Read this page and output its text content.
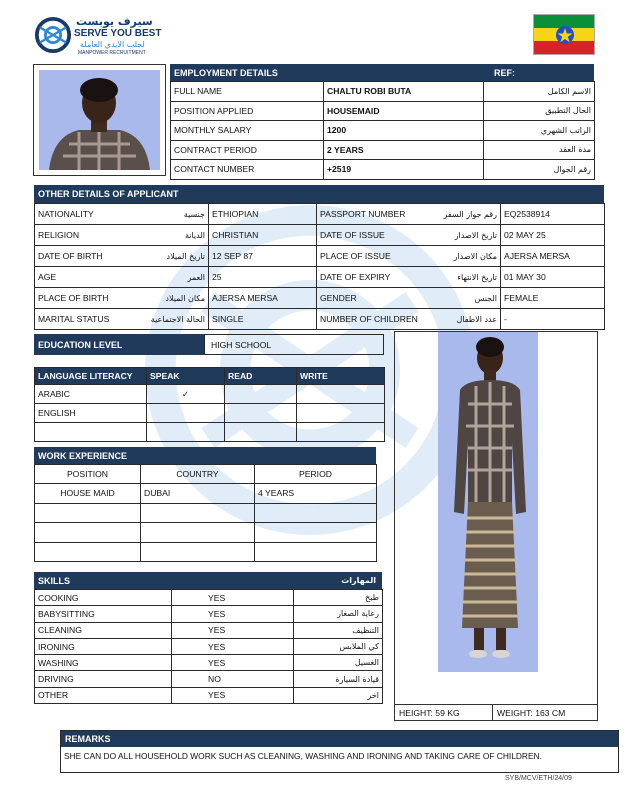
سيرف يوبست
SERVE YOU BEST
لجلب الايدي العاملة
MANPOWER RECRUITMENT
EMPLOYMENT DETAILS	REF:
FULL NAME	CHALTU ROBI BUTA	الاسم الكامل
POSITION APPLIED	HOUSEMAID	الحال التطبيق
MONTHLY SALARY	1200	الراتب الشهري
CONTRACT PERIOD	2 YEARS	مدة العقد
CONTACT NUMBER	+2519	رقم الجوال
OTHER DETAILS OF APPLICANT
NATIONALITY	جنسية	ETHIOPIAN	PASSPORT NUMBER	رقم جواز السفر	EQ2538914
RELIGION	الديانة	CHRISTIAN	DATE OF ISSUE	تاريخ الاصدار	02 MAY 25
DATE OF BIRTH	تاريخ الميلاد	12 SEP 87	PLACE OF ISSUE	مكان الاصدار	AJERSA MERSA
AGE	العمر	25	DATE OF EXPIRY	تاريخ الانتهاء	01 MAY 30
PLACE OF BIRTH	مكان الميلاد	AJERSA MERSA	GENDER	الجنس	FEMALE
MARITAL STATUS	الحالة الاجتماعية	SINGLE	NUMBER OF CHILDREN	عدد الاطفال	-
EDUCATION LEVEL	HIGH SCHOOL
LANGUAGE LITERACY	SPEAK	READ	WRITE
ARABIC	✓		
ENGLISH			

WORK EXPERIENCE
POSITION	COUNTRY	PERIOD
HOUSE MAID	DUBAI	4 YEARS

SKILLS	المهارات
COOKING	YES	طبخ
BABYSITTING	YES	رعاية الصغار
CLEANING	YES	التنظيف
IRONING	YES	كي الملابس
WASHING	YES	الغسيل
DRIVING	NO	قيادة السيارة
OTHER	YES	اخر
HEIGHT: 59 KG	WEIGHT: 163 CM
REMARKS
SHE CAN DO ALL HOUSEHOLD WORK SUCH AS CLEANING, WASHING AND IRONING AND TAKING CARE OF CHILDREN.
SYB/MCV/ETH/24/09
